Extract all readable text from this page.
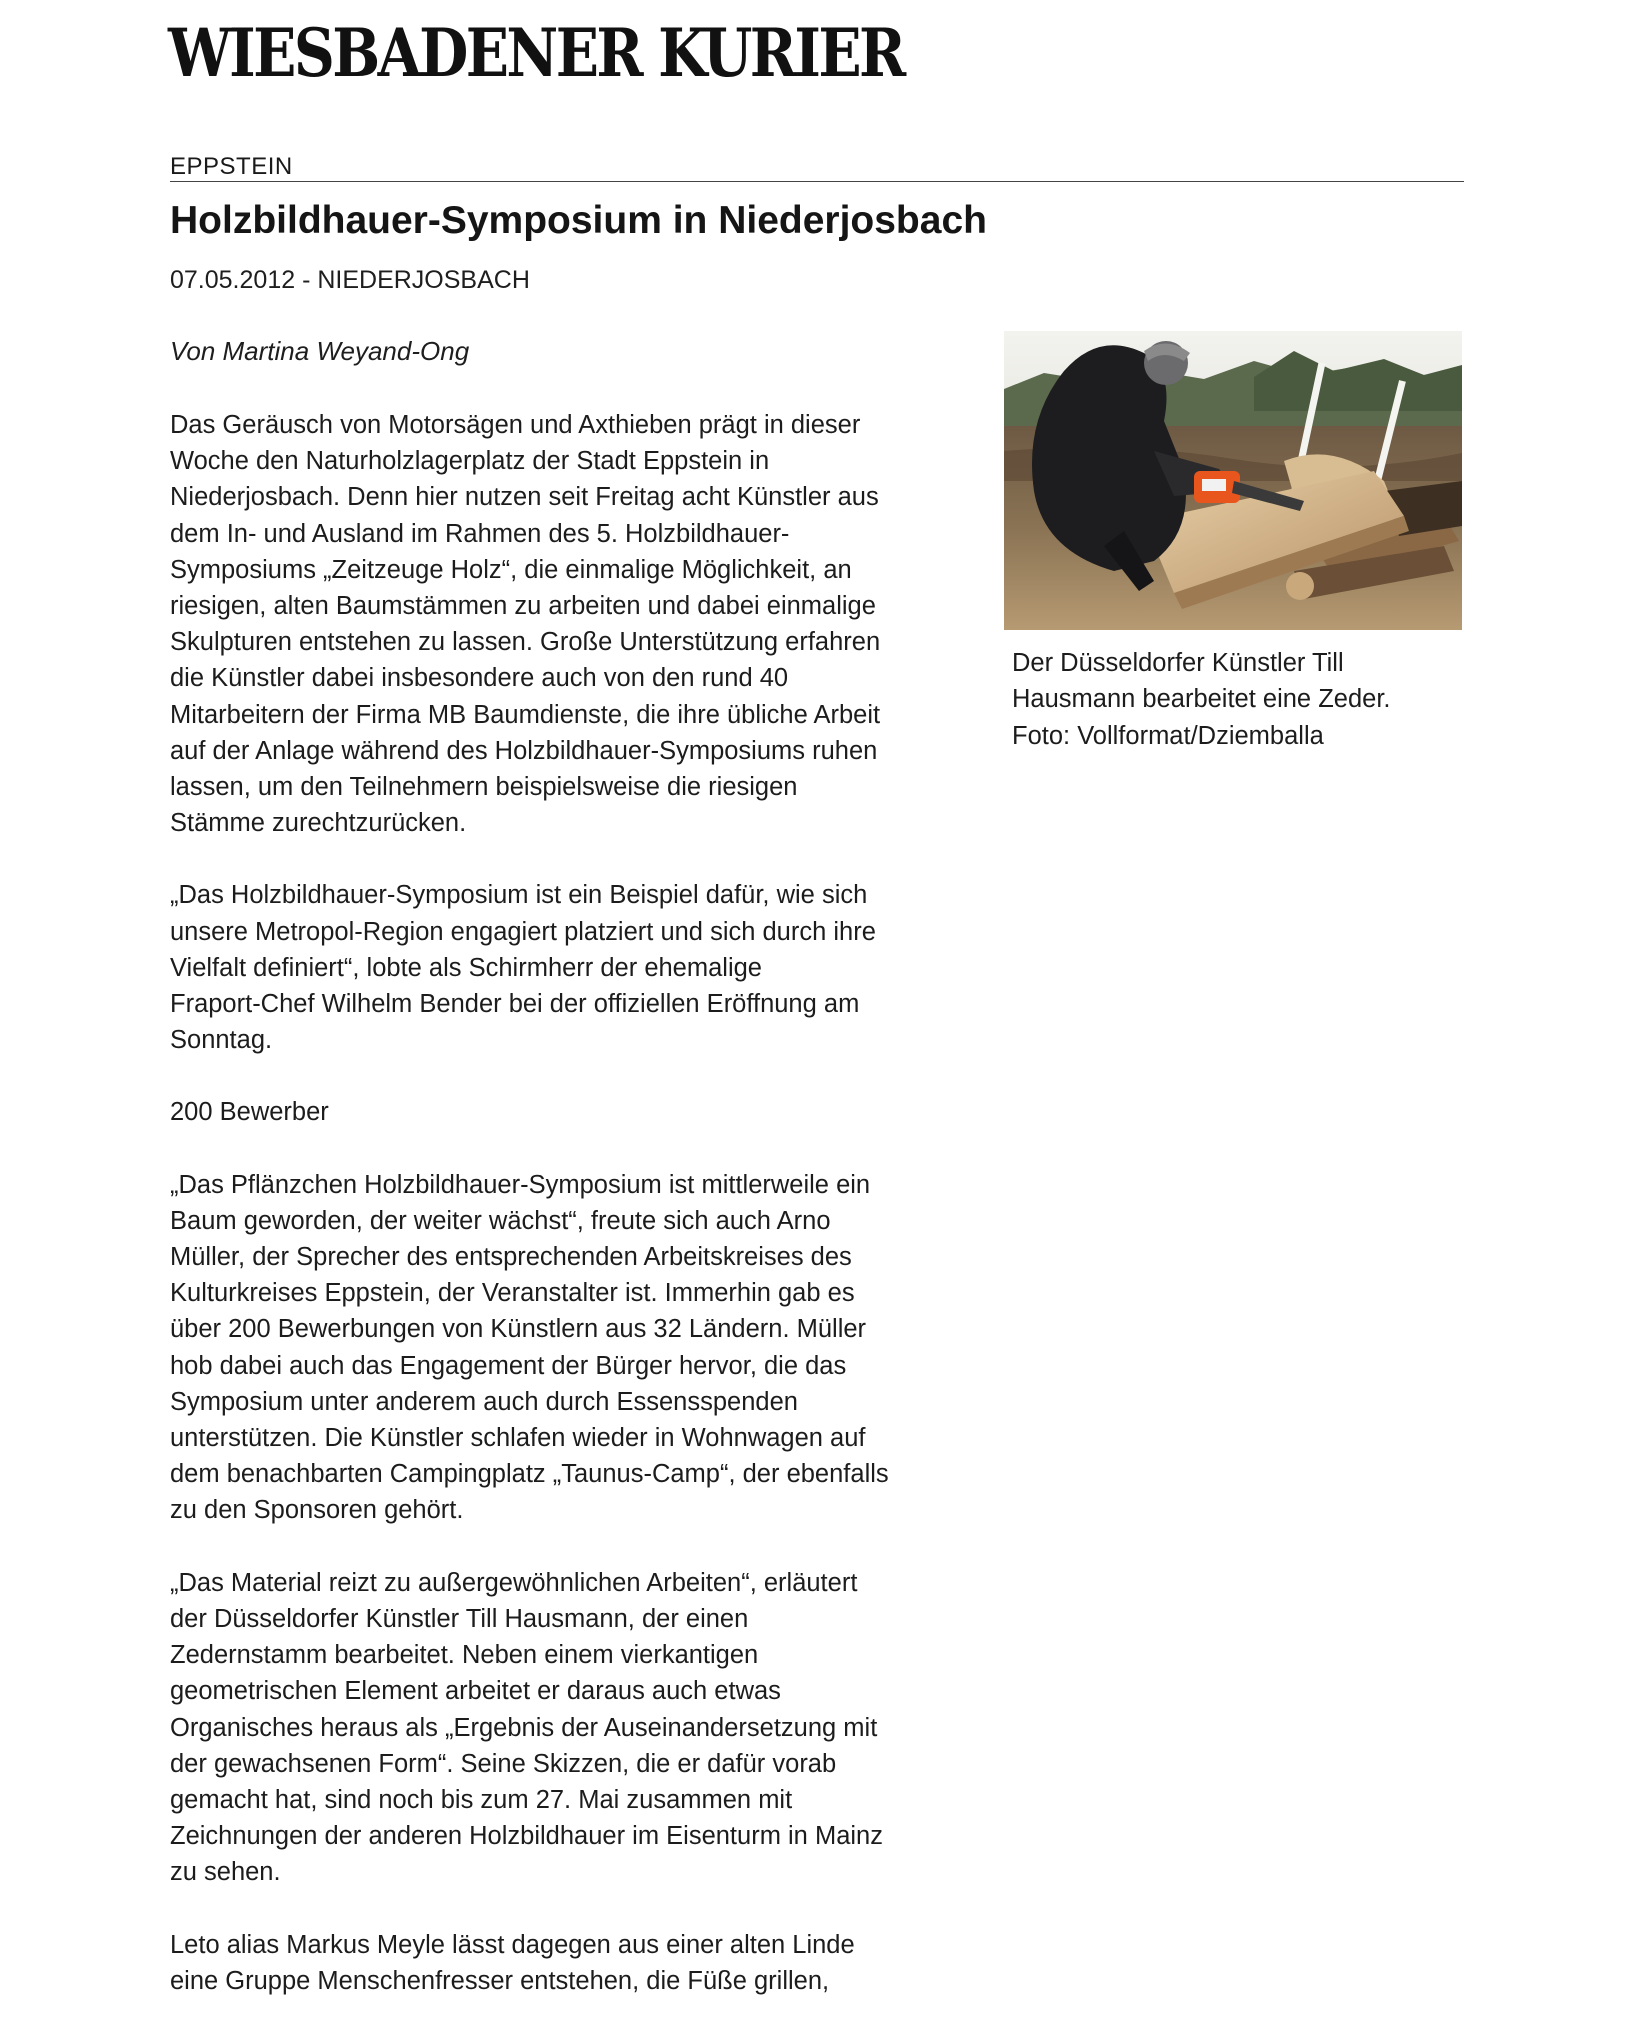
WIESBADENER KURIER
EPPSTEIN
Holzbildhauer-Symposium in Niederjosbach
07.05.2012 - NIEDERJOSBACH
Von Martina Weyand-Ong

Das Geräusch von Motorsägen und Axthieben prägt in dieser
Woche den Naturholzlagerplatz der Stadt Eppstein in
Niederjosbach. Denn hier nutzen seit Freitag acht Künstler aus
dem In- und Ausland im Rahmen des 5. Holzbildhauer-
Symposiums „Zeitzeuge Holz“, die einmalige Möglichkeit, an
riesigen, alten Baumstämmen zu arbeiten und dabei einmalige
Skulpturen entstehen zu lassen. Große Unterstützung erfahren
die Künstler dabei insbesondere auch von den rund 40
Mitarbeitern der Firma MB Baumdienste, die ihre übliche Arbeit
auf der Anlage während des Holzbildhauer-Symposiums ruhen
lassen, um den Teilnehmern beispielsweise die riesigen
Stämme zurechtzurücken.

„Das Holzbildhauer-Symposium ist ein Beispiel dafür, wie sich
unsere Metropol-Region engagiert platziert und sich durch ihre
Vielfalt definiert“, lobte als Schirmherr der ehemalige
Fraport-Chef Wilhelm Bender bei der offiziellen Eröffnung am
Sonntag.

200 Bewerber

„Das Pflänzchen Holzbildhauer-Symposium ist mittlerweile ein
Baum geworden, der weiter wächst“, freute sich auch Arno
Müller, der Sprecher des entsprechenden Arbeitskreises des
Kulturkreises Eppstein, der Veranstalter ist. Immerhin gab es
über 200 Bewerbungen von Künstlern aus 32 Ländern. Müller
hob dabei auch das Engagement der Bürger hervor, die das
Symposium unter anderem auch durch Essensspenden
unterstützen. Die Künstler schlafen wieder in Wohnwagen auf
dem benachbarten Campingplatz „Taunus-Camp“, der ebenfalls
zu den Sponsoren gehört.

„Das Material reizt zu außergewöhnlichen Arbeiten“, erläutert
der Düsseldorfer Künstler Till Hausmann, der einen
Zedernstamm bearbeitet. Neben einem vierkantigen
geometrischen Element arbeitet er daraus auch etwas
Organisches heraus als „Ergebnis der Auseinandersetzung mit
der gewachsenen Form“. Seine Skizzen, die er dafür vorab
gemacht hat, sind noch bis zum 27. Mai zusammen mit
Zeichnungen der anderen Holzbildhauer im Eisenturm in Mainz
zu sehen.

Leto alias Markus Meyle lässt dagegen aus einer alten Linde
eine Gruppe Menschenfresser entstehen, die Füße grillen,

Der Düsseldorfer Künstler Till
Hausmann bearbeitet eine Zeder.
Foto: Vollformat/Dziemballa
